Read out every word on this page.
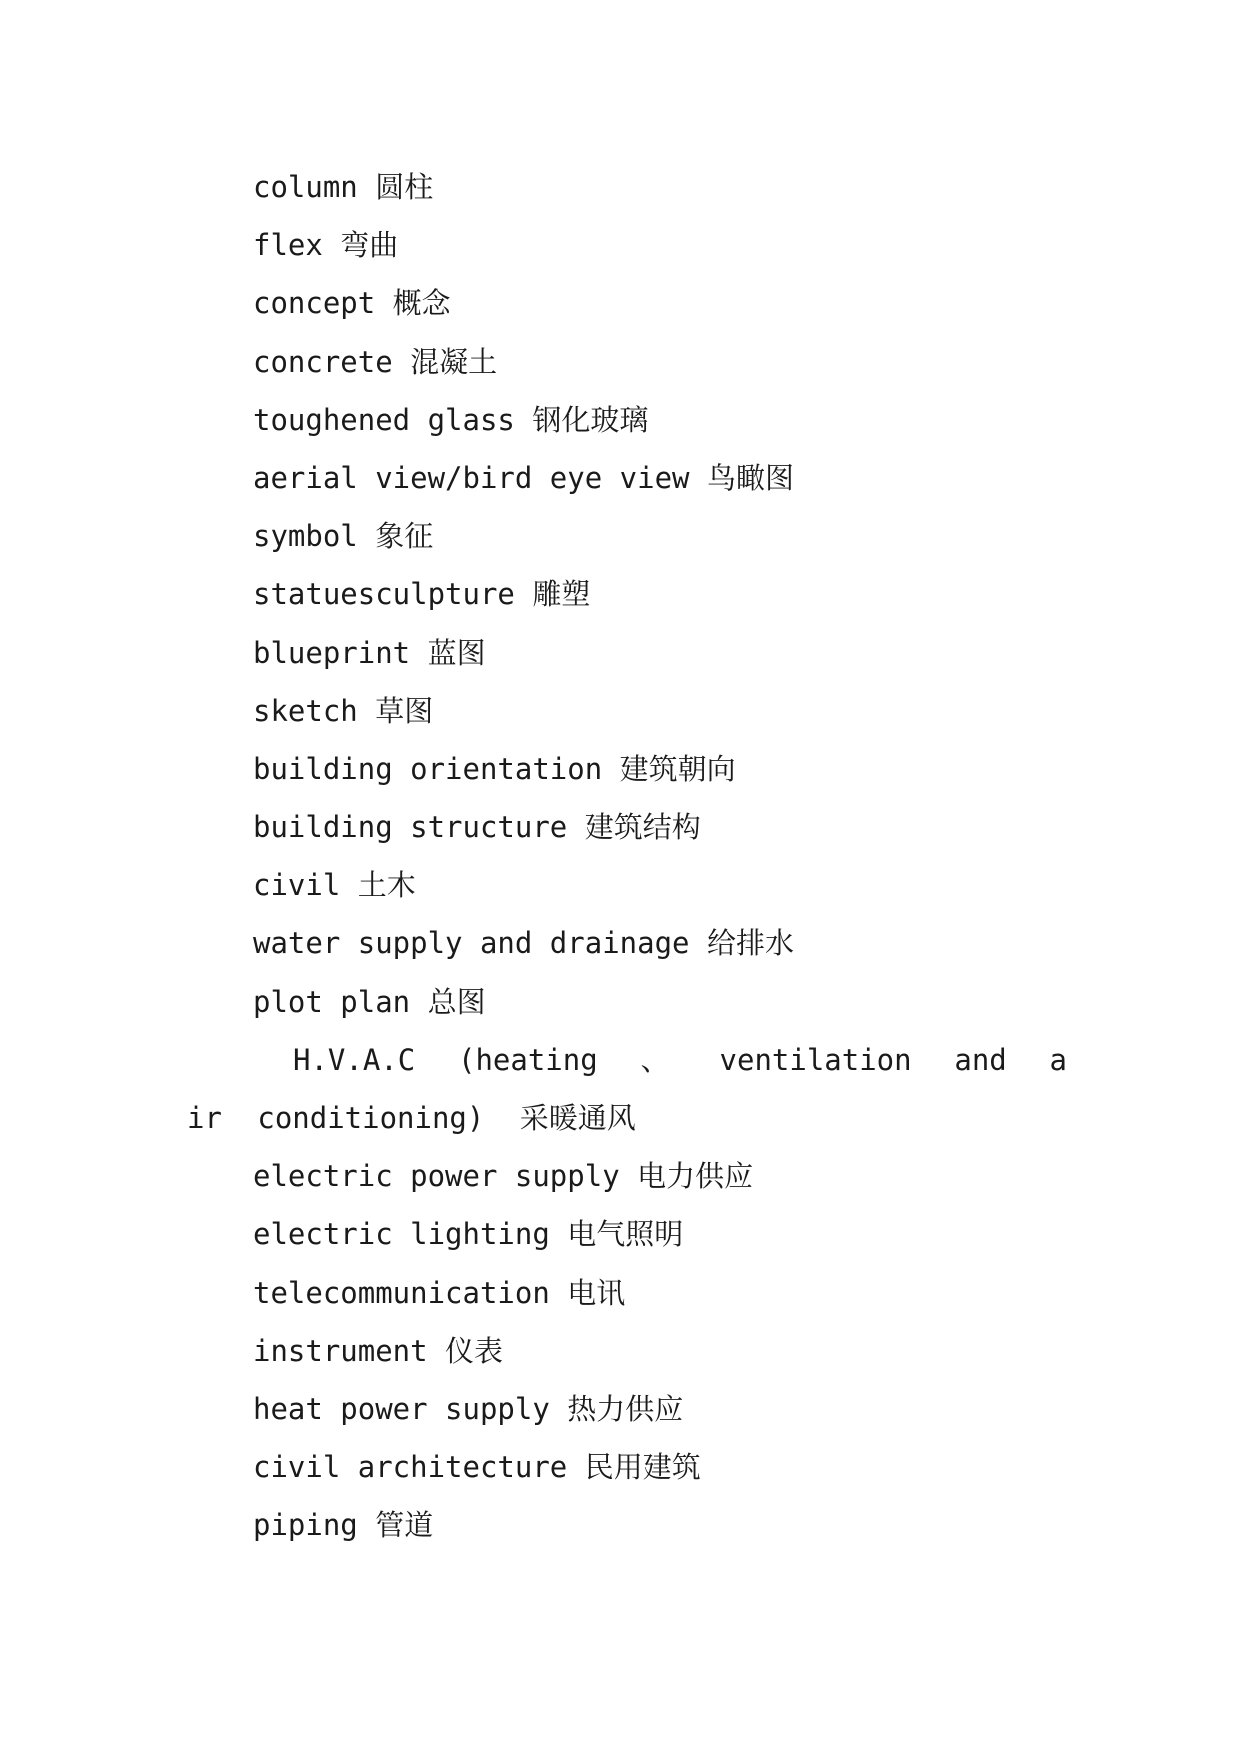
column 圆柱
flex 弯曲
concept 概念
concrete 混凝土
toughened glass 钢化玻璃
aerial view/bird eye view 鸟瞰图
symbol 象征
statuesculpture 雕塑
blueprint 蓝图
sketch 草图
building orientation 建筑朝向
building structure 建筑结构
civil 土木
water supply and drainage 给排水
plot plan 总图
H.V.A.C (heating 、 ventilation and a ir conditioning) 采暖通风
electric power supply 电力供应
electric lighting 电气照明
telecommunication 电讯
instrument 仪表
heat power supply 热力供应
civil architecture 民用建筑
piping 管道
